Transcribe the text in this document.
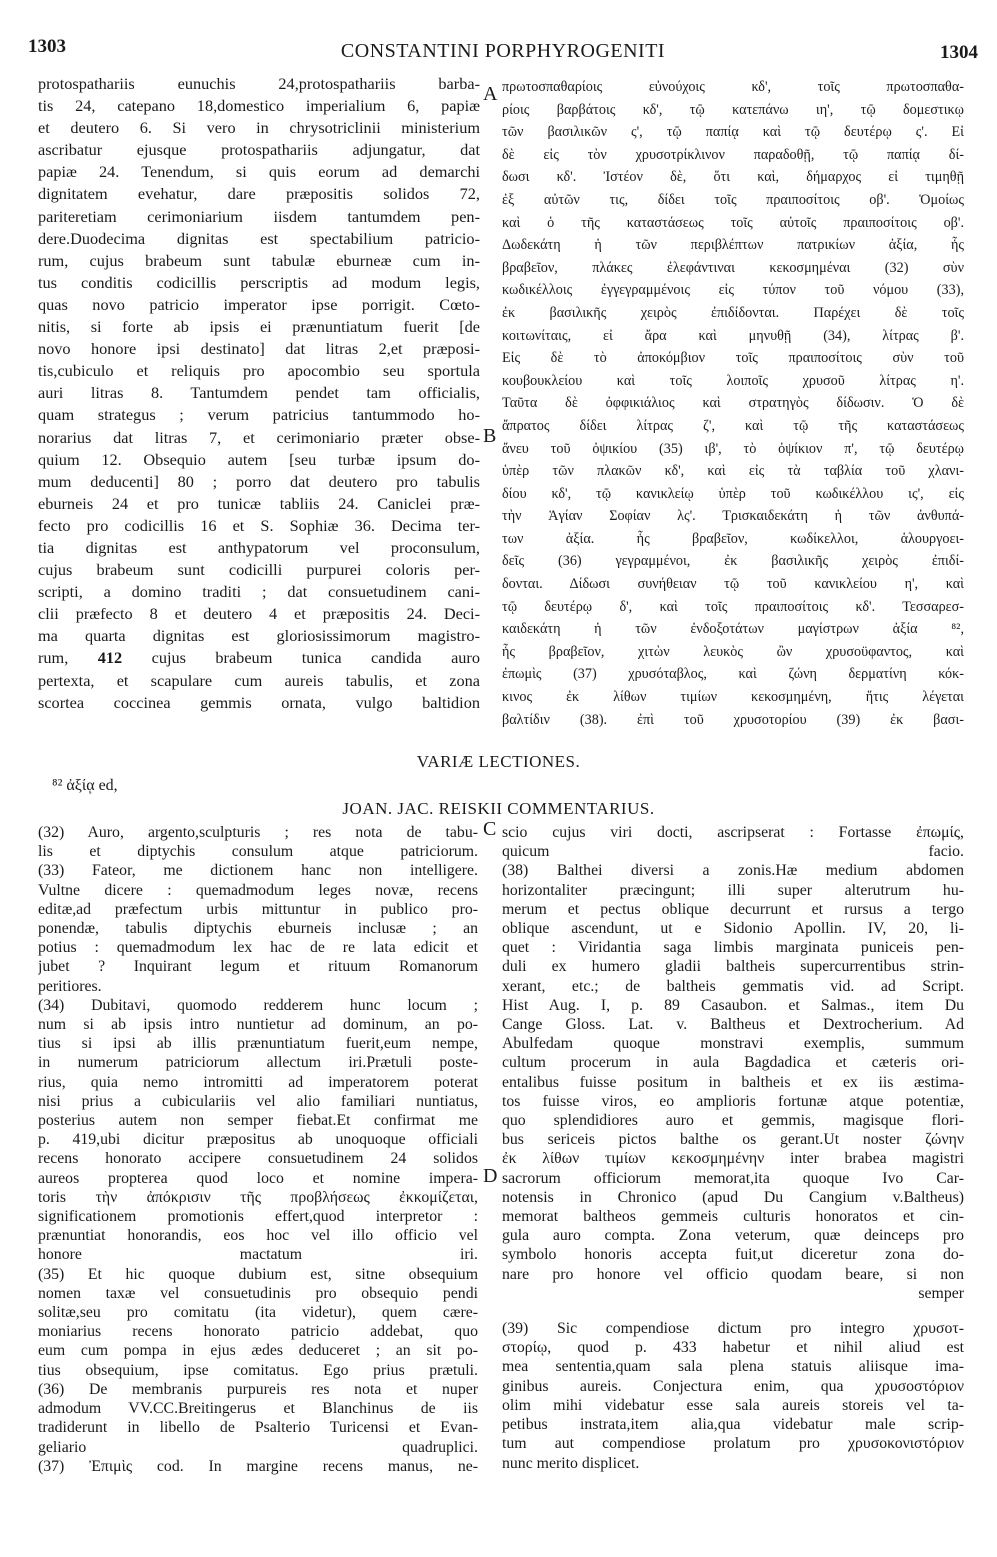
1303	CONSTANTINI PORPHYROGENITI	1304
protospathariis eunuchis 24,protospathariis barba-
tis 24, catepano 18,domestico imperialium 6, papiæ
et deutero 6. Si vero in chrysotriclinii ministerium
ascribatur ejusque protospathariis adjungatur, dat
papiæ 24. Tenendum, si quis eorum ad demarchi
dignitatem evehatur, dare præpositis solidos 72,
pariteretiam cerimoniarium iisdem tantumdem pen-
dere.Duodecima dignitas est spectabilium patricio-
rum, cujus brabeum sunt tabulæ eburneæ cum in-
tus conditis codicillis perscriptis ad modum legis,
quas novo patricio imperator ipse porrigit. Cœto-
nitis, si forte ab ipsis ei prænuntiatum fuerit [de
novo honore ipsi destinato] dat litras 2,et præposi-
tis,cubiculo et reliquis pro apocombio seu sportula
auri litras 8. Tantumdem pendet tam officialis,
quam strategus ; verum patricius tantummodo ho-
norarius dat litras 7, et cerimoniario præter obse-
quium 12. Obsequio autem [seu turbæ ipsum do-
mum deducenti] 80 ; porro dat deutero pro tabulis
eburneis 24 et pro tunicæ tabliis 24. Caniclei præ-
fecto pro codicillis 16 et S. Sophiæ 36. Decima ter-
tia dignitas est anthypatorum vel proconsulum,
cujus brabeum sunt codicilli purpurei coloris per-
scripti, a domino traditi ; dat consuetudinem cani-
clii præfecto 8 et deutero 4 et præpositis 24. Deci-
ma quarta dignitas est gloriosissimorum magistro-
rum, 412 cujus brabeum tunica candida auro
pertexta, et scapulare cum aureis tabulis, et zona
scortea coccinea gemmis ornata, vulgo baltidion
πρωτοσπαθαρίοις εὐνούχοις κδ', τοῖς πρωτοσπαθα-
ρίοις βαρβάτοις κδ', τῷ κατεπάνω ιη', τῷ δομεστικῳ
τῶν βασιλικῶν ς', τῷ παπίᾳ καὶ τῷ δευτέρῳ ς'. Εἰ
δὲ εἰς τὸν χρυσοτρίκλινον παραδοθῇ, τῷ παπίᾳ δί-
δωσι κδ'. Ἰστέον δὲ, ὅτι καὶ, δήμαρχος εἰ τιμηθῇ
ἐξ αὐτῶν τις, δίδει τοῖς πραιποσίτοις οβ'. Ὁμοίως
καὶ ὁ τῆς καταστάσεως τοῖς αὐτοῖς πραιποσίτοις οβ'.
Δωδεκάτη ἡ τῶν περιβλέπτων πατρικίων ἀξία, ἧς
βραβεῖον, πλάκες ἐλεφάντιναι κεκοσμημέναι (32) σὺν
κωδικέλλοις ἐγγεγραμμένοις εἰς τύπον τοῦ νόμου (33),
ἐκ βασιλικῆς χειρὸς ἐπιδίδονται. Παρέχει δὲ τοῖς
κοιτωνίταις, εἰ ἄρα καὶ μηνυθῇ (34), λίτρας β'.
Εἰς δὲ τὸ ἀποκόμβιον τοῖς πραιποσίτοις σὺν τοῦ
κουβουκλείου καὶ τοῖς λοιποῖς χρυσοῦ λίτρας η'.
Ταῦτα δὲ ὀφφικιάλιος καὶ στρατηγὸς δίδωσιν. Ὁ δὲ
ἄπρατος δίδει λίτρας ζ', καὶ τῷ τῆς καταστάσεως
ἄνευ τοῦ ὀψικίου (35) ιβ', τὸ ὀψίκιον π', τῷ δευτέρῳ
ὑπὲρ τῶν πλακῶν κδ', καὶ εἰς τὰ ταβλία τοῦ χλανι-
δίου κδ', τῷ κανικλείῳ ὑπὲρ τοῦ κωδικέλλου ις', εἰς
τὴν Ἁγίαν Σοφίαν λς'. Τρισκαιδεκάτη ἡ τῶν ἀνθυπά-
των ἀξία. ἧς βραβεῖον, κωδίκελλοι, ἁλουργοει-
δεῖς (36) γεγραμμένοι, ἐκ βασιλικῆς χειρὸς ἐπιδί-
δονται. Δίδωσι συνήθειαν τῷ τοῦ κανικλείου η', καὶ
τῷ δευτέρῳ δ', καὶ τοῖς πραιποσίτοις κδ'. Τεσσαρεσ-
καιδεκάτη ἡ τῶν ἐνδοξοτάτων μαγίστρων ἀξία ⁸²,
ἧς βραβεῖον, χιτὼν λευκὸς ὢν χρυσοϋφαντος, καὶ
ἐπωμὶς (37) χρυσόταβλος, καὶ ζώνη δερματίνη κόκ-
κινος ἐκ λίθων τιμίων κεκοσμημένη, ἥτις λέγεται
βαλτίδιν (38). ἐπὶ τοῦ χρυσοτορίου (39) ἐκ βασι-
A
B
C
D
VARIÆ LECTIONES.
⁸² ἀξίᾳ ed,
JOAN. JAC. REISKII COMMENTARIUS.
(32) Auro, argento,sculpturis ; res nota de tabu-
lis et diptychis consulum atque patriciorum.
(33) Fateor, me dictionem hanc non intelligere.
Vultne dicere : quemadmodum leges novæ, recens
editæ,ad præfectum urbis mittuntur in publico pro-
ponendæ, tabulis diptychis eburneis inclusæ ; an
potius : quemadmodum lex hac de re lata edicit et
jubet ? Inquirant legum et rituum Romanorum
peritiores.
(34) Dubitavi, quomodo redderem hunc locum ;
num si ab ipsis intro nuntietur ad dominum, an po-
tius si ipsi ab illis prænuntiatum fuerit,eum nempe,
in numerum patriciorum allectum iri.Prætuli poste-
rius, quia nemo intromitti ad imperatorem poterat
nisi prius a cubiculariis vel alio familiari nuntiatus,
posterius autem non semper fiebat.Et confirmat me
p. 419,ubi dicitur præpositus ab unoquoque officiali
recens honorato accipere consuetudinem 24 solidos
aureos propterea quod loco et nomine impera-
toris τὴν ἀπόκρισιν τῆς προβλήσεως ἐκκομίζεται,
significationem promotionis effert,quod interpretor :
prænuntiat honorandis, eos hoc vel illo officio vel
honore mactatum iri.
(35) Et hic quoque dubium est, sitne obsequium
nomen taxæ vel consuetudinis pro obsequio pendi
solitæ,seu pro comitatu (ita videtur), quem cære-
moniarius recens honorato patricio addebat, quo
eum cum pompa in ejus ædes deduceret ; an sit po-
tius obsequium, ipse comitatus. Ego prius prætuli.
(36) De membranis purpureis res nota et nuper
admodum VV.CC.Breitingerus et Blanchinus de iis
tradiderunt in libello de Psalterio Turicensi et Evan-
geliario quadruplici.
(37) Ἐπιμὶς cod. In margine recens manus, ne-
scio cujus viri docti, ascripserat : Fortasse ἐπωμίς,
quicum facio.
(38) Balthei diversi a zonis.Hæ medium abdomen
horizontaliter præcingunt; illi super alterutrum hu-
merum et pectus oblique decurrunt et rursus a tergo
oblique ascendunt, ut e Sidonio Apollin. IV, 20, li-
quet : Viridantia saga limbis marginata puniceis pen-
duli ex humero gladii baltheis supercurrentibus strin-
xerant, etc.; de baltheis gemmatis vid. ad Script.
Hist Aug. I, p. 89 Casaubon. et Salmas., item Du
Cange Gloss. Lat. v. Baltheus et Dextrocherium. Ad
Abulfedam quoque monstravi exemplis, summum
cultum procerum in aula Bagdadica et cæteris ori-
entalibus fuisse positum in baltheis et ex iis æstima-
tos fuisse viros, eo amplioris fortunæ atque potentiæ,
quo splendidiores auro et gemmis, magisque flori-
bus sericeis pictos balthe os gerant.Ut noster ζώνην
ἐκ λίθων τιμίων κεκοσμημένην inter brabea magistri
sacrorum officiorum memorat,ita quoque Ivo Car-
notensis in Chronico (apud Du Cangium v.Baltheus)
memorat baltheos gemmeis culturis honoratos et cin-
gula auro compta. Zona veterum, quæ deinceps pro
symbolo honoris accepta fuit,ut diceretur zona do-
nare pro honore vel officio quodam beare, si non
semper
(39) Sic compendiose dictum pro integro χρυσοτ-
στορίῳ, quod p. 433 habetur et nihil aliud est
mea sententia,quam sala plena statuis aliisque ima-
ginibus aureis. Conjectura enim, qua χρυσοστόριον
olim mihi videbatur esse sala aureis storeis vel ta-
petibus instrata,item alia,qua videbatur male scrip-
tum aut compendiose prolatum pro χρυσοκονιστόριον
nunc merito displicet.
